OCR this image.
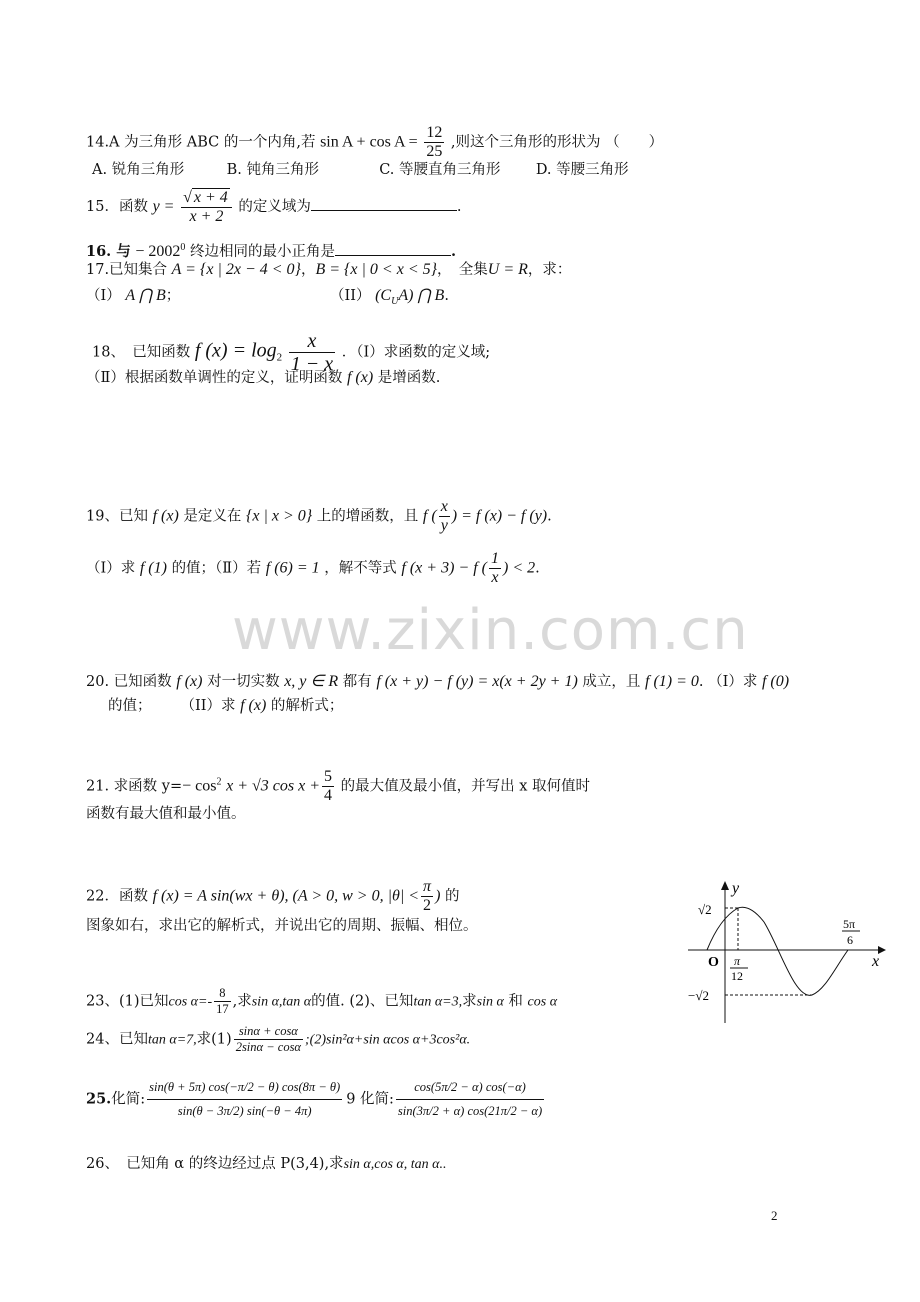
14.A 为三角形 ABC 的一个内角,若 $\sin A + \cos A = \frac{12}{25}$ ,则这个三角形的形状为 （　　）
A. 锐角三角形	B. 钝角三角形	C. 等腰直角三角形 D. 等腰三角形
15．函数 $y = \frac{√ x + 4}{x + 2}$ 的定义域为	.
16. 与 − $2002^0$ 终边相同的最小正角是	.
17.已知集合 A = {x | 2x − 4 < 0}，B = {x | 0 < x < 5}，　全集U = R，求：
（I） A ⋂ B；	（II） $(C_UA)$ ⋂ B.
18、　已知函数 f $(x) = \log_2 \frac{x}{1 - x}$ ．（Ⅰ）求函数的定义域;
（Ⅱ）根据函数单调性的定义，证明函数 f (x) 是增函数.
19、已知 f (x) 是定义在 {x | x > 0} 上的增函数，且 f ( $\frac{x}{y}$ ) = f (x) − f (y).
（Ⅰ）求 f (1) 的值；（Ⅱ）若 f (6) = 1 ，解不等式 f (x + 3) − f ( $\frac{1}{x}$ ) < 2.
www.zixin.com.cn
20. 已知函数 f (x) 对一切实数 x, y ∈ R 都有 f (x + y) − f (y) = x(x + 2y + 1) 成立，且 f (1) = 0. （I）求 f (0)
的值；　　　（II）求 f (x) 的解析式；
21. 求函数 $y=- \cos^2 x + √3$ $\cos x + \frac{5}{4}$ 的最大值及最小值，并写出 x 取何值时
函数有最大值和最小值。
22．函数 f (x) = A sin(wx + θ), (A > 0, w > 0, $|\theta| < \frac{\pi}{2}$ ) 的
图象如右，求出它的解析式，并说出它的周期、振幅、相位。
y
x
O
√2
−√2
π
12
5π
6
23、(1)已知$\cos \alpha=- \frac{8}{17}$ ,求sin α,tan α的值. (2)、已知tan α=3,求sin α 和 cos α
24、已知tan α=7,求$(1) \frac{\sin\alpha + \cos\alpha}{2\sin\alpha - \cos\alpha}$ ;(2)sin²α+sin αcos α+3cos²α.
25.化简: $\frac{\sin(\theta + 5\pi) \cos(-\pi/2 - \theta) \cos(8\pi - \theta)}{\sin(\theta - 3\pi/2) \sin(-\theta - 4\pi)} 9$ 化简: $\frac{\cos(5\pi/2 - \alpha) \cos(-\alpha)}{\sin(3\pi/2 + \alpha) \cos(21\pi/2 - \alpha)}$
26、　已知角 α 的终边经过点 P(3,4),求sin α,cos α, tan α..
2
